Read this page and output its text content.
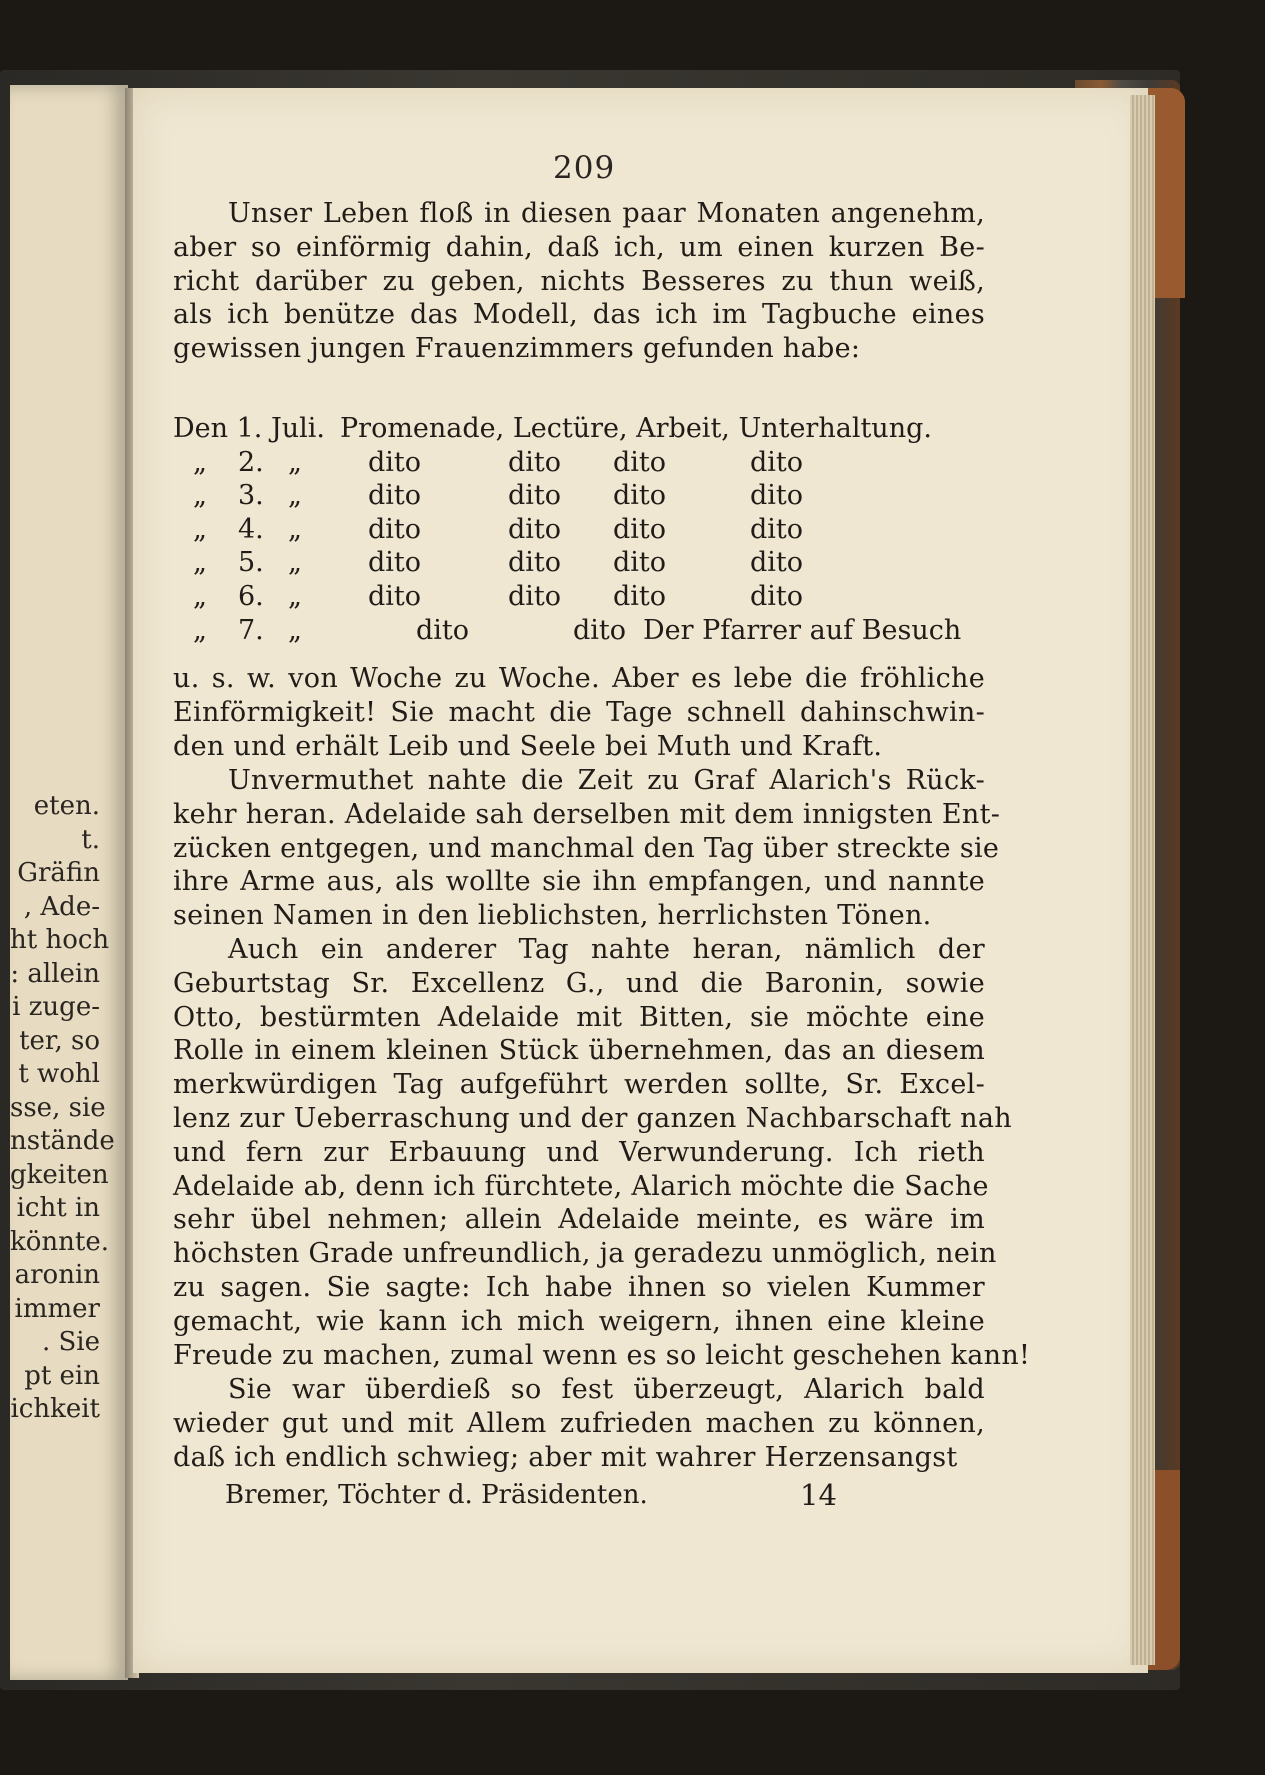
eten.
t.
Gräfin
, Ade-
ht hoch
: allein
i zuge-
ter, so
t wohl
sse, sie
nstände
gkeiten
icht in
könnte.
aronin
immer
. Sie
pt ein
ichkeit
209
Unser Leben floß in diesen paar Monaten angenehm,
aber so einförmig dahin, daß ich, um einen kurzen Be-
richt darüber zu geben, nichts Besseres zu thun weiß,
als ich benütze das Modell, das ich im Tagbuche eines
gewissen jungen Frauenzimmers gefunden habe:
Den 1. Juli. Promenade, Lectüre, Arbeit, Unterhaltung.
„ 2. „ dito	dito dito	dito
„ 3. „ dito	dito dito	dito
„ 4. „ dito	dito dito	dito
„ 5. „ dito	dito dito	dito
„ 6. „ dito	dito dito	dito
„ 7. „	dito	dito Der Pfarrer auf Besuch
u. s. w. von Woche zu Woche. Aber es lebe die fröhliche
Einförmigkeit! Sie macht die Tage schnell dahinschwin-
den und erhält Leib und Seele bei Muth und Kraft.
Unvermuthet nahte die Zeit zu Graf Alarich's Rück-
kehr heran. Adelaide sah derselben mit dem innigsten Ent-
zücken entgegen, und manchmal den Tag über streckte sie
ihre Arme aus, als wollte sie ihn empfangen, und nannte
seinen Namen in den lieblichsten, herrlichsten Tönen.
Auch ein anderer Tag nahte heran, nämlich der
Geburtstag Sr. Excellenz G., und die Baronin, sowie
Otto, bestürmten Adelaide mit Bitten, sie möchte eine
Rolle in einem kleinen Stück übernehmen, das an diesem
merkwürdigen Tag aufgeführt werden sollte, Sr. Excel-
lenz zur Ueberraschung und der ganzen Nachbarschaft nah
und fern zur Erbauung und Verwunderung. Ich rieth
Adelaide ab, denn ich fürchtete, Alarich möchte die Sache
sehr übel nehmen; allein Adelaide meinte, es wäre im
höchsten Grade unfreundlich, ja geradezu unmöglich, nein
zu sagen. Sie sagte: Ich habe ihnen so vielen Kummer
gemacht, wie kann ich mich weigern, ihnen eine kleine
Freude zu machen, zumal wenn es so leicht geschehen kann!
Sie war überdieß so fest überzeugt, Alarich bald
wieder gut und mit Allem zufrieden machen zu können,
daß ich endlich schwieg; aber mit wahrer Herzensangst
Bremer, Töchter d. Präsidenten.	14
